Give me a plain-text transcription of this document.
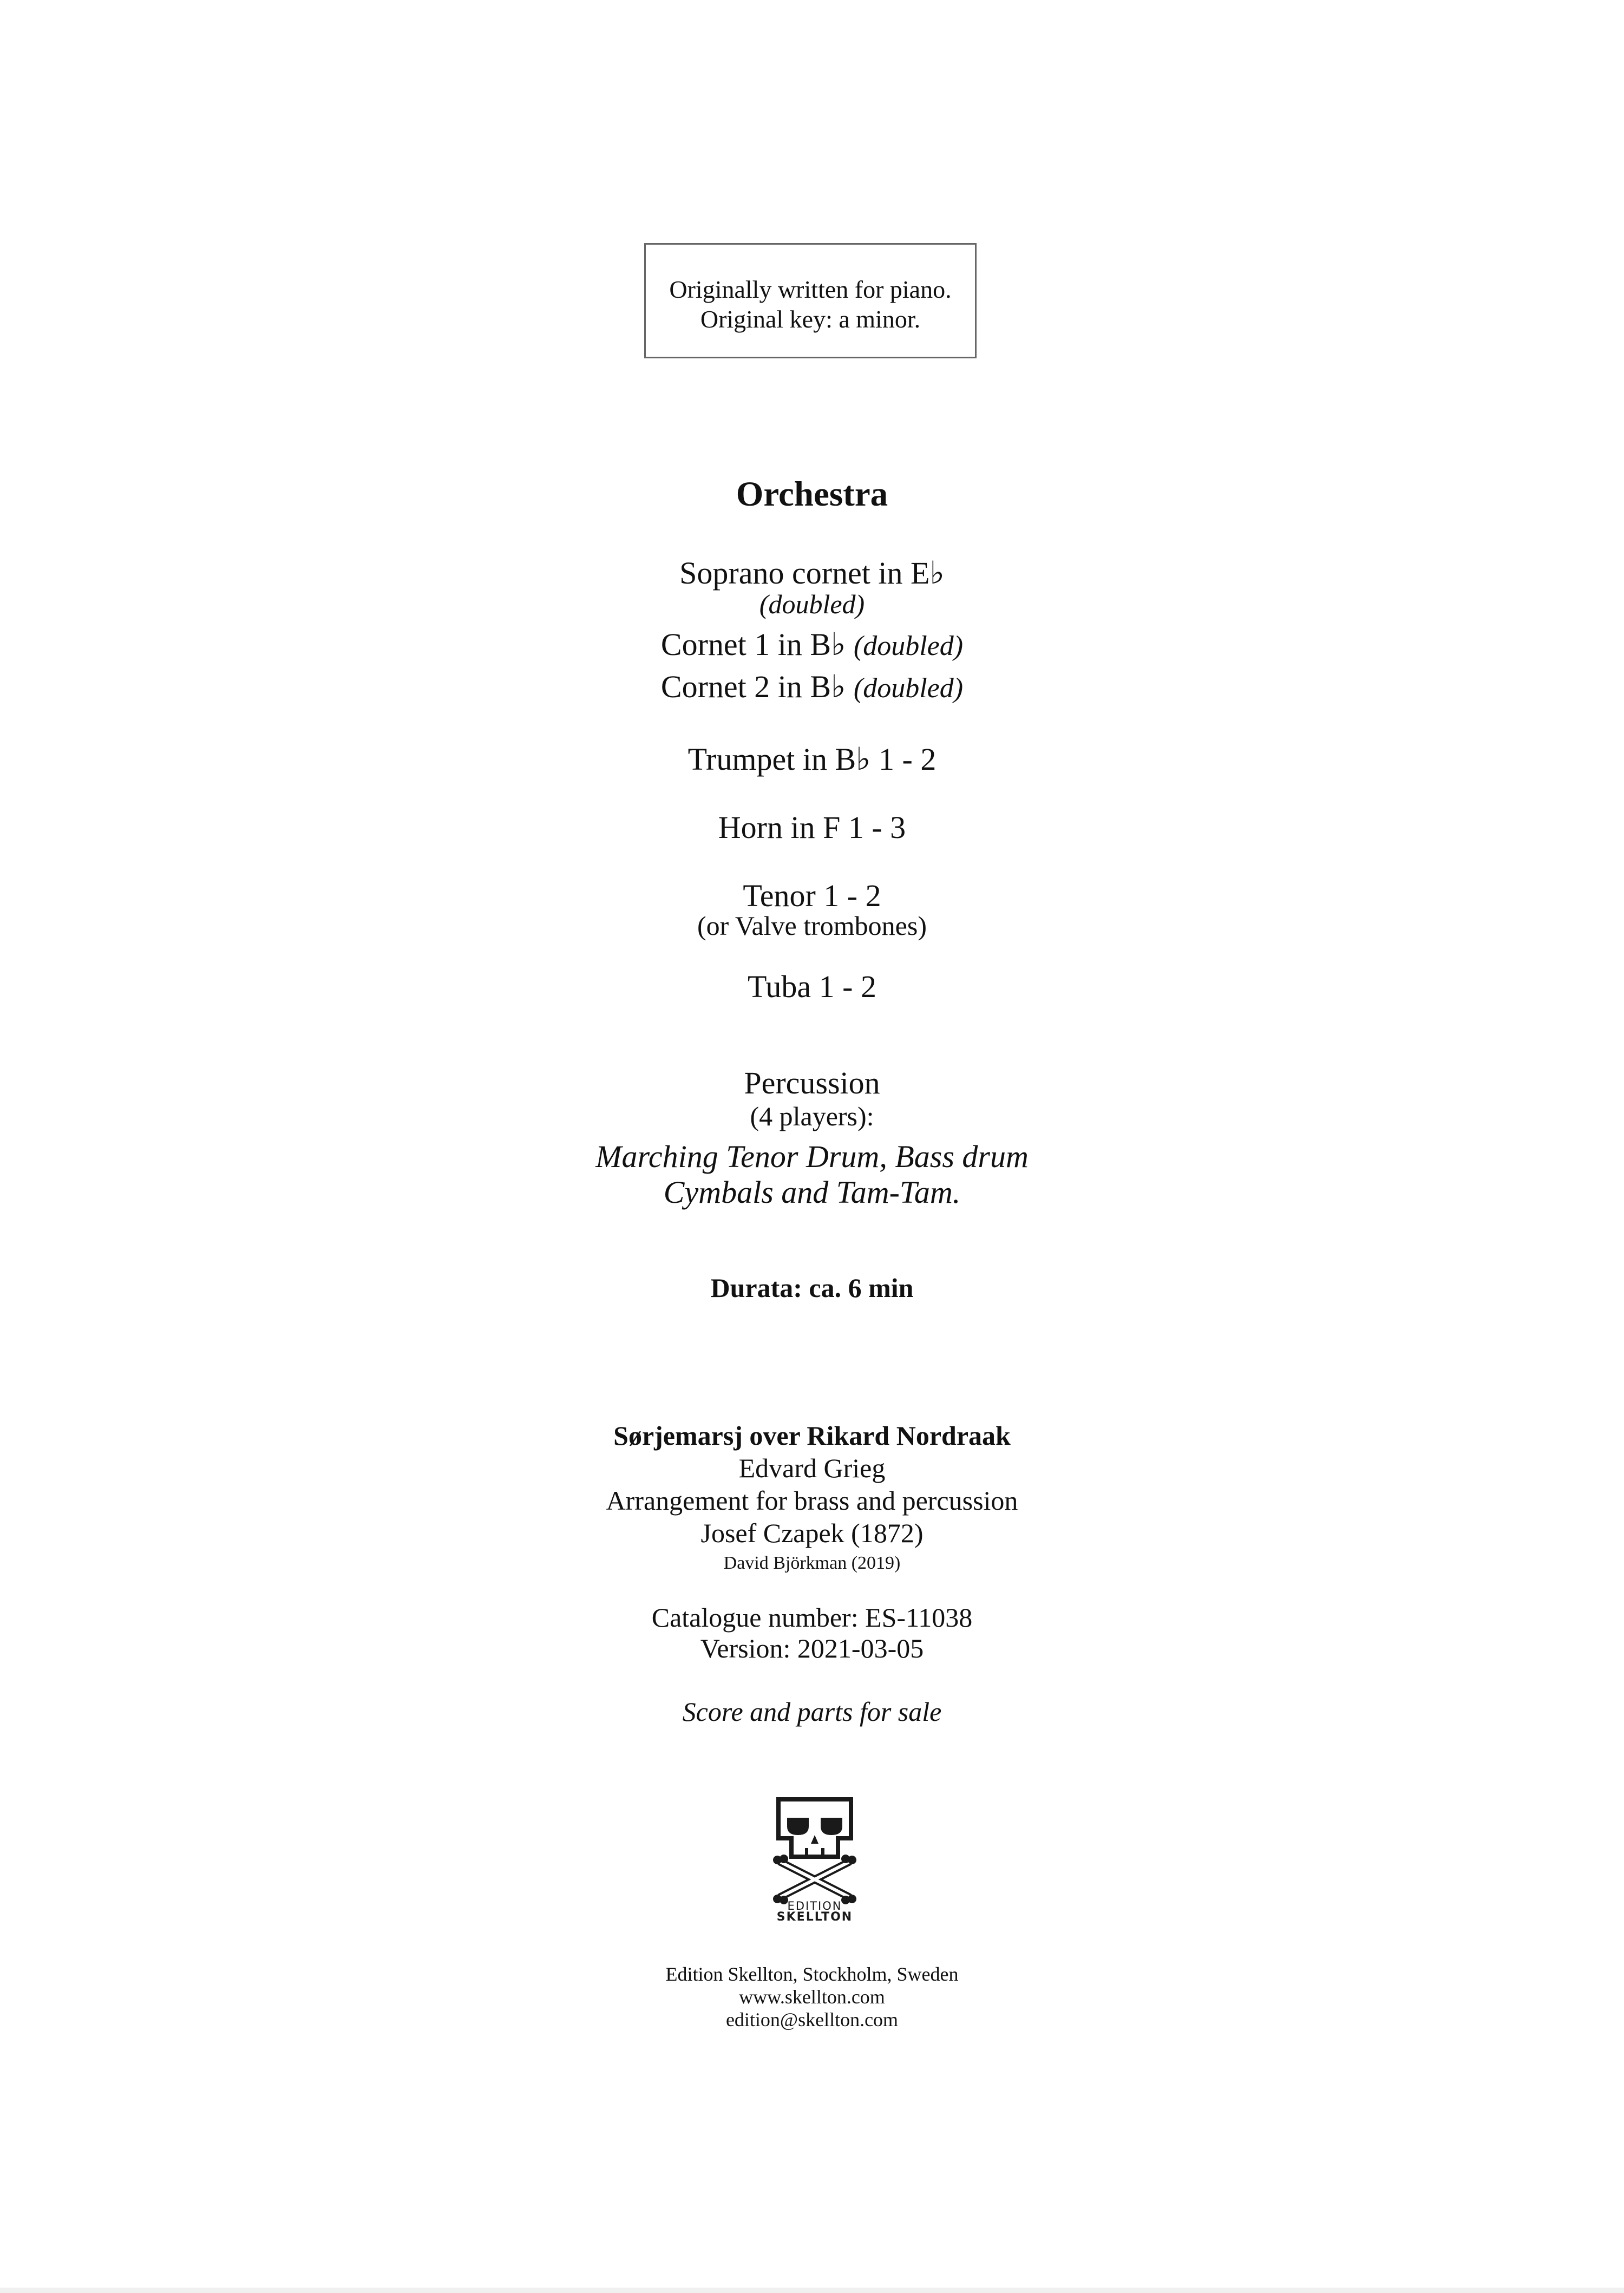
Originally written for piano.
Original key: a minor.
Orchestra
Soprano cornet in E♭
(doubled)
Cornet 1 in B♭ (doubled)
Cornet 2 in B♭ (doubled)
Trumpet in B♭ 1 - 2
Horn in F 1 - 3
Tenor 1 - 2
(or Valve trombones)
Tuba 1 - 2
Percussion
(4 players):
Marching Tenor Drum, Bass drum
Cymbals and Tam-Tam.
Durata: ca. 6 min
Sørjemarsj over Rikard Nordraak
Edvard Grieg
Arrangement for brass and percussion
Josef Czapek (1872)
David Björkman (2019)
Catalogue number: ES-11038
Version: 2021-03-05
Score and parts for sale
EDITION
SKELLTON
Edition Skellton, Stockholm, Sweden
www.skellton.com
edition@skellton.com
